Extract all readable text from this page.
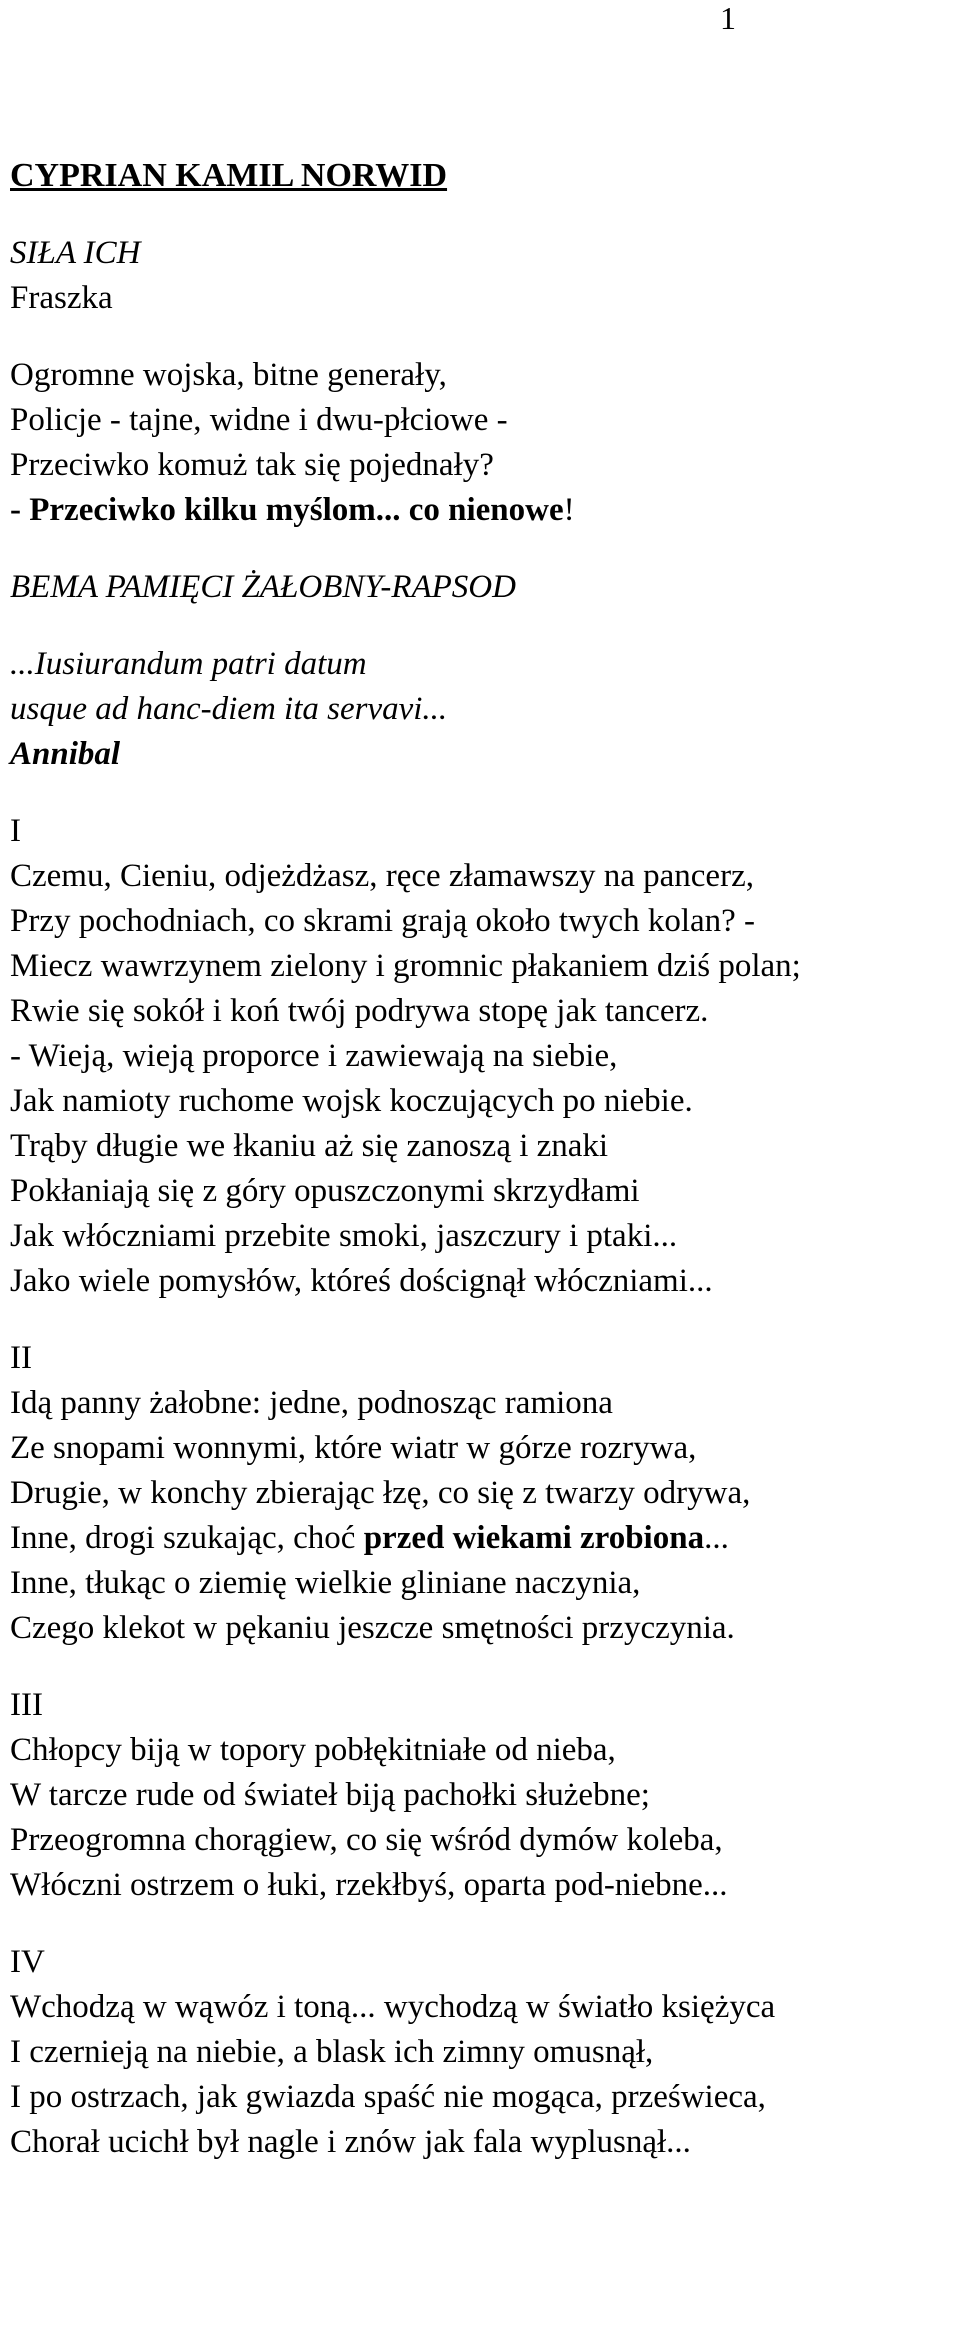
1
CYPRIAN KAMIL NORWID
SIŁA ICH
Fraszka
Ogromne wojska, bitne generały,
Policje - tajne, widne i dwu-płciowe -
Przeciwko komuż tak się pojednały?
- Przeciwko kilku myślom... co nienowe!
BEMA PAMIĘCI ŻAŁOBNY-RAPSOD
...Iusiurandum patri datum
usque ad hanc-diem ita servavi...
Annibal
I
Czemu, Cieniu, odjeżdżasz, ręce złamawszy na pancerz,
Przy pochodniach, co skrami grają około twych kolan? -
Miecz wawrzynem zielony i gromnic płakaniem dziś polan;
Rwie się sokół i koń twój podrywa stopę jak tancerz.
- Wieją, wieją proporce i zawiewają na siebie,
Jak namioty ruchome wojsk koczujących po niebie.
Trąby długie we łkaniu aż się zanoszą i znaki
Pokłaniają się z góry opuszczonymi skrzydłami
Jak włóczniami przebite smoki, jaszczury i ptaki...
Jako wiele pomysłów, któreś doścignął włóczniami...
II
Idą panny żałobne: jedne, podnosząc ramiona
Ze snopami wonnymi, które wiatr w górze rozrywa,
Drugie, w konchy zbierając łzę, co się z twarzy odrywa,
Inne, drogi szukając, choć przed wiekami zrobiona...
Inne, tłukąc o ziemię wielkie gliniane naczynia,
Czego klekot w pękaniu jeszcze smętności przyczynia.
III
Chłopcy biją w topory pobłękitniałe od nieba,
W tarcze rude od świateł biją pachołki służebne;
Przeogromna chorągiew, co się wśród dymów koleba,
Włóczni ostrzem o łuki, rzekłbyś, oparta pod-niebne...
IV
Wchodzą w wąwóz i toną... wychodzą w światło księżyca
I czernieją na niebie, a blask ich zimny omusnął,
I po ostrzach, jak gwiazda spaść nie mogąca, prześwieca,
Chorał ucichł był nagle i znów jak fala wyplusnął...
